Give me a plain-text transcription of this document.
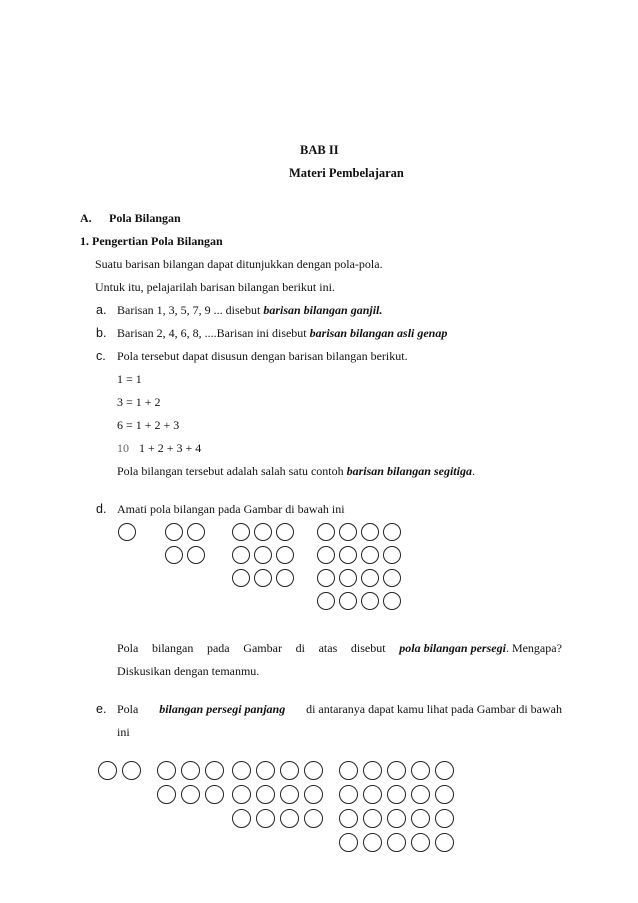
BAB II
Materi Pembelajaran
A. Pola Bilangan
1. Pengertian Pola Bilangan
Suatu barisan bilangan dapat ditunjukkan dengan pola-pola.
Untuk itu, pelajarilah barisan bilangan berikut ini.
a. Barisan 1, 3, 5, 7, 9 ... disebut barisan bilangan ganjil.
b. Barisan 2, 4, 6, 8, ....Barisan ini disebut barisan bilangan asli genap
c. Pola tersebut dapat disusun dengan barisan bilangan berikut.
1 = 1
3 = 1 + 2
6 = 1 + 2 + 3
10 1 + 2 + 3 + 4
Pola bilangan tersebut adalah salah satu contoh barisan bilangan segitiga.
d. Amati pola bilangan pada Gambar di bawah ini
Pola bilangan pada Gambar di atas disebut pola bilangan persegi. Mengapa?
Diskusikan dengan temanmu.
e. Pola bilangan persegi panjang di antaranya dapat kamu lihat pada Gambar di bawah
ini
